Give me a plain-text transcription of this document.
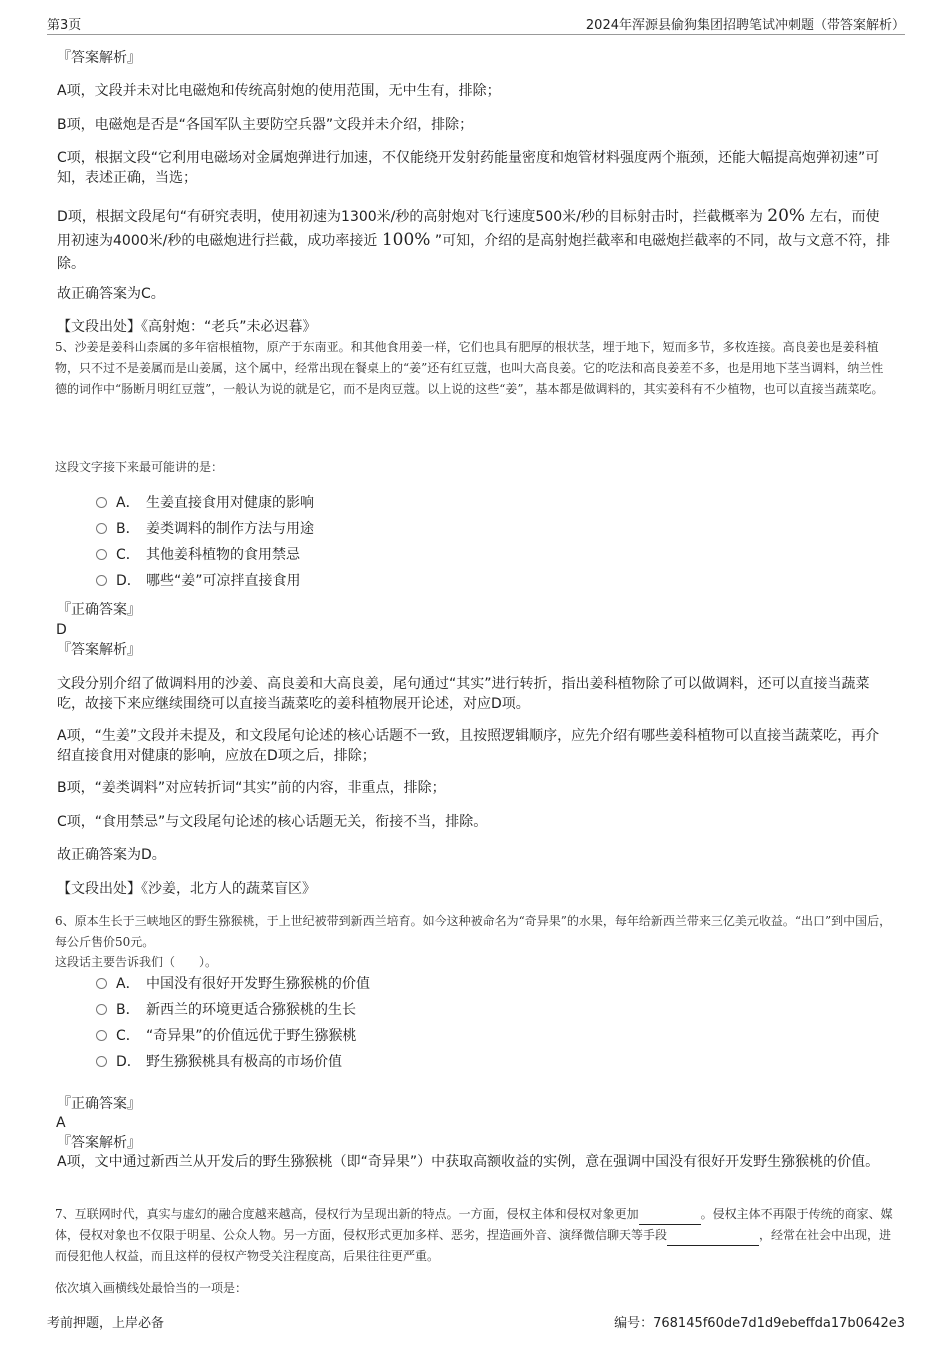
第3页	2024年浑源县偷狗集团招聘笔试冲刺题（带答案解析）

『答案解析』

A项，文段并未对比电磁炮和传统高射炮的使用范围，无中生有，排除；

B项，电磁炮是否是“各国军队主要防空兵器”文段并未介绍，排除；

C项，根据文段“它利用电磁场对金属炮弹进行加速，不仅能绕开发射药能量密度和炮管材料强度两个瓶颈，还能大幅提高炮弹初速”可知，表述正确，当选；

D项，根据文段尾句“有研究表明，使用初速为1300米/秒的高射炮对飞行速度500米/秒的目标射击时，拦截概率为 20% 左右，而使用初速为4000米/秒的电磁炮进行拦截，成功率接近 100% ”可知，介绍的是高射炮拦截率和电磁炮拦截率的不同，故与文意不符，排除。

故正确答案为C。

【文段出处】《高射炮：“老兵”未必迟暮》

5、沙姜是姜科山柰属的多年宿根植物，原产于东南亚。和其他食用姜一样，它们也具有肥厚的根状茎，埋于地下，短而多节，多枚连接。高良姜也是姜科植物，只不过不是姜属而是山姜属，这个属中，经常出现在餐桌上的“姜”还有红豆蔻，也叫大高良姜。它的吃法和高良姜差不多，也是用地下茎当调料，纳兰性德的词作中“肠断月明红豆蔻”，一般认为说的就是它，而不是肉豆蔻。以上说的这些“姜”，基本都是做调料的，其实姜科有不少植物，也可以直接当蔬菜吃。

这段文字接下来最可能讲的是：

A． 生姜直接食用对健康的影响
B． 姜类调料的制作方法与用途
C． 其他姜科植物的食用禁忌
D． 哪些“姜”可凉拌直接食用

『正确答案』

D

『答案解析』

文段分别介绍了做调料用的沙姜、高良姜和大高良姜，尾句通过“其实”进行转折，指出姜科植物除了可以做调料，还可以直接当蔬菜吃，故接下来应继续围绕可以直接当蔬菜吃的姜科植物展开论述，对应D项。

A项，“生姜”文段并未提及，和文段尾句论述的核心话题不一致，且按照逻辑顺序，应先介绍有哪些姜科植物可以直接当蔬菜吃，再介绍直接食用对健康的影响，应放在D项之后，排除；

B项，“姜类调料”对应转折词“其实”前的内容，非重点，排除；

C项，“食用禁忌”与文段尾句论述的核心话题无关，衔接不当，排除。

故正确答案为D。

【文段出处】《沙姜，北方人的蔬菜盲区》

6、原本生长于三峡地区的野生猕猴桃，于上世纪被带到新西兰培育。如今这种被命名为“奇异果”的水果，每年给新西兰带来三亿美元收益。“出口”到中国后，每公斤售价50元。

这段话主要告诉我们（　　）。

A． 中国没有很好开发野生猕猴桃的价值
B． 新西兰的环境更适合猕猴桃的生长
C． “奇异果”的价值远优于野生猕猴桃
D． 野生猕猴桃具有极高的市场价值

『正确答案』

A

『答案解析』

A项，文中通过新西兰从开发后的野生猕猴桃（即“奇异果”）中获取高额收益的实例，意在强调中国没有很好开发野生猕猴桃的价值。

7、互联网时代，真实与虚幻的融合度越来越高，侵权行为呈现出新的特点。一方面，侵权主体和侵权对象更加	。侵权主体不再限于传统的商家、媒体，侵权对象也不仅限于明星、公众人物。另一方面，侵权形式更加多样、恶劣，捏造画外音、演绎微信聊天等手段	，经常在社会中出现，进而侵犯他人权益，而且这样的侵权产物受关注程度高，后果往往更严重。

依次填入画横线处最恰当的一项是：

考前押题，上岸必备	编号：768145f60de7d1d9ebeffda17b0642e3
